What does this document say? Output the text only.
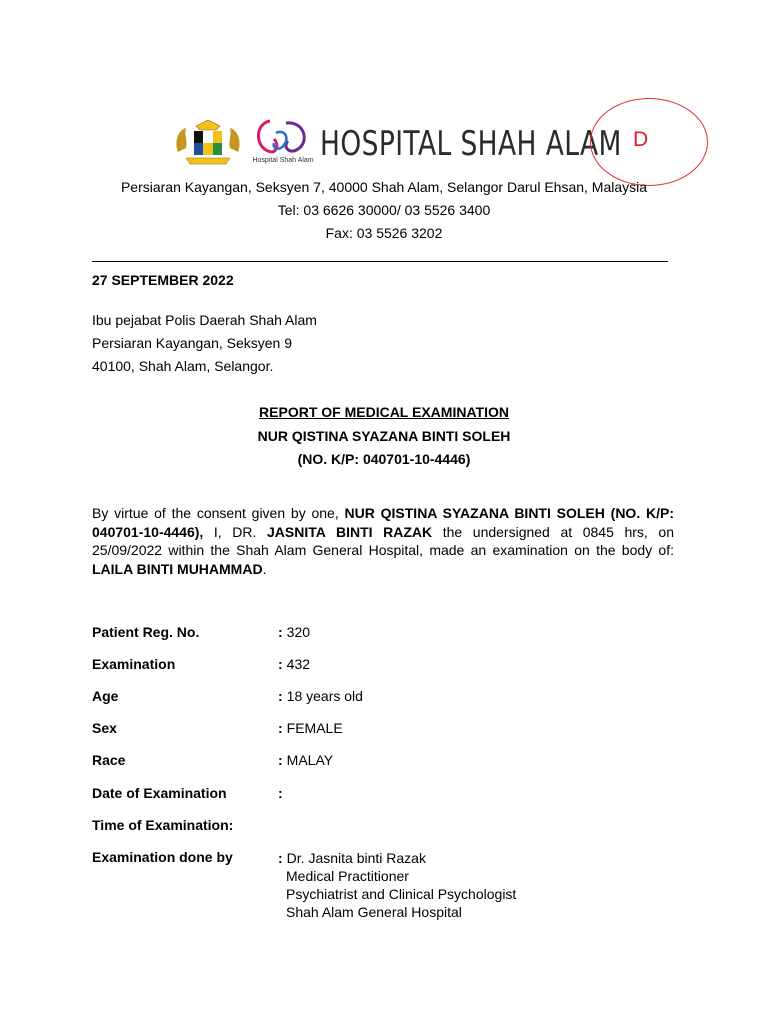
Hospital Shah Alam HOSPITAL SHAH ALAM D
Persiaran Kayangan, Seksyen 7, 40000 Shah Alam, Selangor Darul Ehsan, Malaysia
Tel: 03 6626 30000/ 03 5526 3400
Fax: 03 5526 3202
27 SEPTEMBER 2022
Ibu pejabat Polis Daerah Shah Alam
Persiaran Kayangan, Seksyen 9
40100, Shah Alam, Selangor.
REPORT OF MEDICAL EXAMINATION
NUR QISTINA SYAZANA BINTI SOLEH
(NO. K/P: 040701-10-4446)
By virtue of the consent given by one, NUR QISTINA SYAZANA BINTI SOLEH (NO. K/P: 040701-10-4446), I, DR. JASNITA BINTI RAZAK the undersigned at 0845 hrs, on 25/09/2022 within the Shah Alam General Hospital, made an examination on the body of: LAILA BINTI MUHAMMAD.
Patient Reg. No.	: 320
Examination	: 432
Age	: 18 years old
Sex	: FEMALE
Race	: MALAY
Date of Examination	:
Time of Examination:
Examination done by	: Dr. Jasnita binti Razak
Medical Practitioner
Psychiatrist and Clinical Psychologist
Shah Alam General Hospital
